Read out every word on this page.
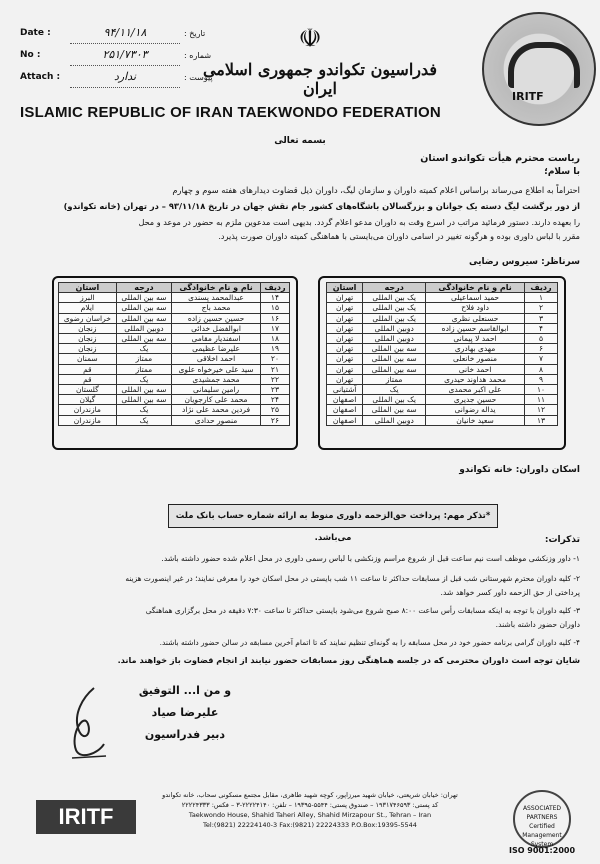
Date :	۹۴/۱۱/۱۸	: تاریخ
No :	۲۵۱/۷۳۰۳	: شماره
Attach :	ندارد	: پیوست
☫
فدراسیون تکواندو جمهوری اسلامی ایران
ISLAMIC REPUBLIC OF IRAN TAEKWONDO FEDERATION
IRITF
بسمه تعالی
ریاست محترم هیأت تکواندو استان
با سلام؛
احتراماً به اطلاع می‌رساند براساس اعلام کمیته داوران و سازمان لیگ، داوران ذیل قضاوت دیدارهای هفته سوم و چهارم
از دور برگشت لیگ دسته یک جوانان و بزرگسالان باشگاه‌های کشور جام نقش جهان در تاریخ ۹۳/۱۱/۱۸ – در تهران (خانه تکواندو)
را بعهده دارند. دستور فرمائید مراتب در اسرع وقت به داوران مدعو اعلام گردد. بدیهی است مدعوین ملزم به حضور در موعد و محل
مقرر با لباس داوری بوده و هرگونه تغییر در اسامی داوران می‌بایستی با هماهنگی کمیته داوران صورت پذیرد.
سرناظر: سیروس رضایی
ردیف	نام و نام خانوادگی	درجه	استان
۱	حمید اسماعیلی	یک بین المللی	تهران
۲	داود فلاح	یک بین المللی	تهران
۳	حسنعلی نظری	یک بین المللی	تهران
۴	ابوالقاسم حسین زاده	دوبین المللی	تهران
۵	احمد لا پیمانی	دوبین المللی	تهران
۶	مهدی بهادری	سه بین المللی	تهران
۷	منصور خانعلی	سه بین المللی	تهران
۸	احمد خانی	سه بین المللی	تهران
۹	محمد هداوند حیدری	ممتاز	تهران
۱۰	علی اکبر محمدی	یک	آشتیانی
۱۱	حسین جدیری	یک بین المللی	اصفهان
۱۲	یداله رضوانی	سه بین المللی	اصفهان
۱۳	سعید خانیان	دوبین المللی	اصفهان
ردیف	نام و نام خانوادگی	درجه	استان
۱۴	عبدالمحمد پسندی	سه بین المللی	البرز
۱۵	محمد باج	سه بین المللی	ایلام
۱۶	حسین حسین زاده	سه بین المللی	خراسان رضوی
۱۷	ابوالفضل خدائی	دوبین المللی	زنجان
۱۸	اسفندیار مقامی	سه بین المللی	زنجان
۱۹	علیرضا عظیمی	یک	زنجان
۲۰	احمد اخلاقی	ممتاز	سمنان
۲۱	سید علی خیرخواه علوی	ممتاز	قم
۲۲	محمد جمشیدی	یک	قم
۲۳	رامین سلیمانی	سه بین المللی	گلستان
۲۴	محمد علی کارجویان	سه بین المللی	گیلان
۲۵	فردین محمد علی نژاد	یک	مازندران
۲۶	منصور حدادی	یک	مازندران
اسکان داوران: خانه تکواندو
*تذکر مهم: پرداخت حق‌الزحمه داوری منوط به ارائه شماره حساب بانک ملت می‌باشد.	تذکرات:
۱- داور وزنکشی موظف است نیم ساعت قبل از شروع مراسم وزنکشی با لباس رسمی داوری در محل اعلام شده حضور داشته باشد.
۲- کلیه داوران محترم شهرستانی شب قبل از مسابقات حداکثر تا ساعت ۱۱ شب بایستی در محل اسکان خود را معرفی نمایند؛ در غیر اینصورت هزینه
پرداختی از حق الزحمه داور کسر خواهد شد.
۳- کلیه داوران با توجه به اینکه مسابقات رأس ساعت ۸:۰۰ صبح شروع می‌شود بایستی حداکثر تا ساعت ۷:۳۰ دقیقه در محل برگزاری هماهنگی
داوران حضور داشته باشند.
۴- کلیه داوران گرامی برنامه حضور خود در محل مسابقه را به گونه‌ای تنظیم نمایند که تا اتمام آخرین مسابقه در سالن حضور داشته باشند.
شایان توجه است داوران محترمی که در جلسه هماهنگی روز مسابقات حضور نیابند از انجام قضاوت باز خواهند ماند.
و من ا... التوفیق
علیرضا صیاد
دبیر فدراسیون
IRITF
تهران: خیابان شریعتی، خیابان شهید میرزاپور، کوچه شهید طاهری، مقابل مجتمع مسکونی سحاب، خانه تکواندو
کد پستی: ۱۹۳۱۷۴۶۵۹۳ – صندوق پستی: ۵۵۴۴-۱۹۳۹۵ – تلفن: ۲۲۲۲۴۱۴۰-۳ – فکس: ۲۲۲۲۴۳۳۳
Taekwondo House, Shahid Taheri Alley, Shahid Mirzapour St., Tehran – Iran
Tel:(9821) 22224140-3 Fax:(9821) 22224333 P.O.Box:19395-5544
ASSOCIATED PARTNERS Certified Management System
ISO 9001:2000
